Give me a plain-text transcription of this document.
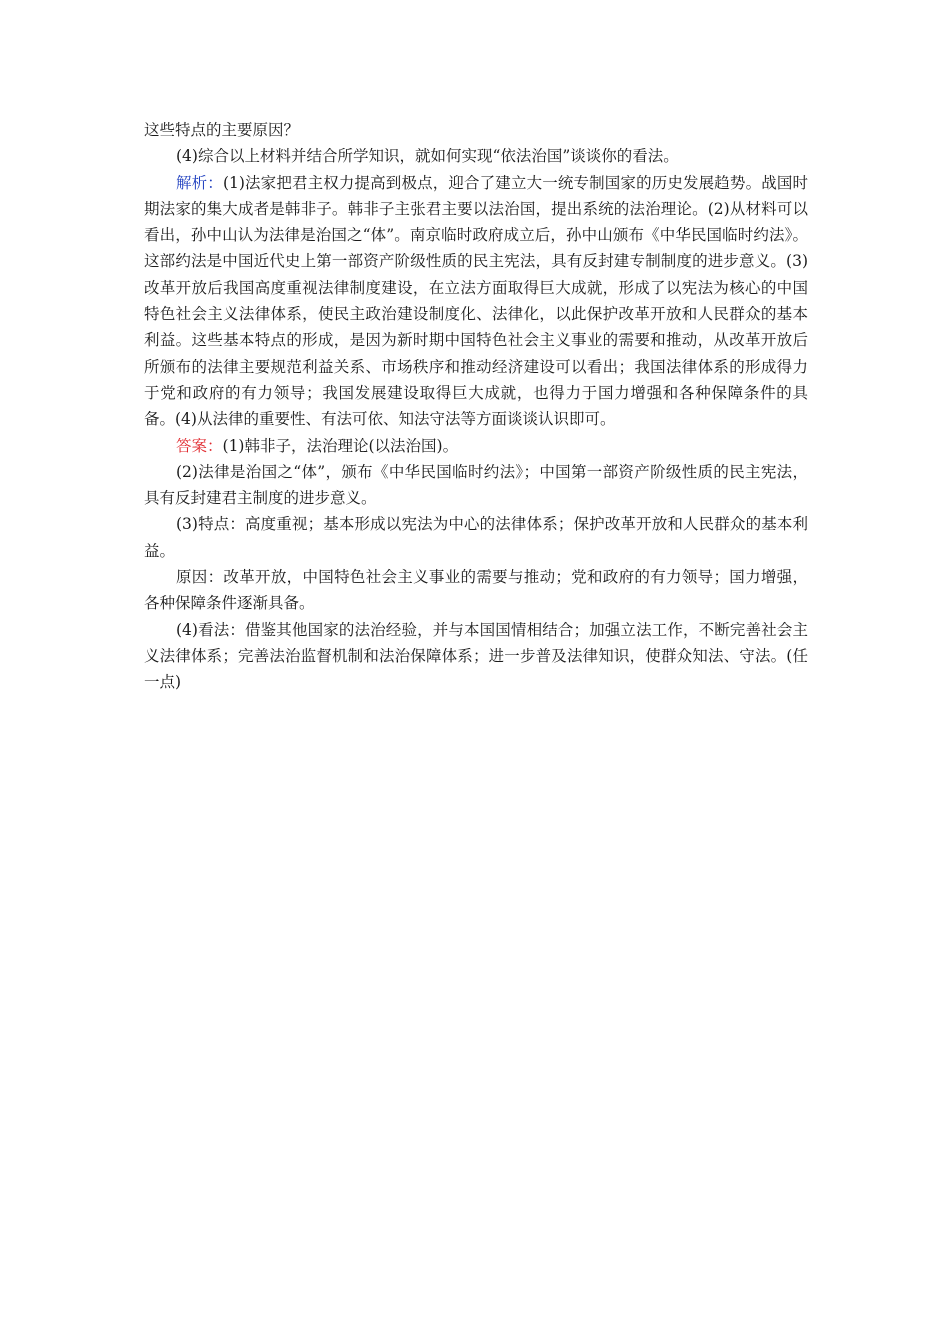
这些特点的主要原因？

(4)综合以上材料并结合所学知识，就如何实现“依法治国”谈谈你的看法。

解析：(1)法家把君主权力提高到极点，迎合了建立大一统专制国家的历史发展趋势。战国时期法家的集大成者是韩非子。韩非子主张君主要以法治国，提出系统的法治理论。(2)从材料可以看出，孙中山认为法律是治国之“体”。南京临时政府成立后，孙中山颁布《中华民国临时约法》。这部约法是中国近代史上第一部资产阶级性质的民主宪法，具有反封建专制制度的进步意义。(3)改革开放后我国高度重视法律制度建设，在立法方面取得巨大成就，形成了以宪法为核心的中国特色社会主义法律体系，使民主政治建设制度化、法律化，以此保护改革开放和人民群众的基本利益。这些基本特点的形成，是因为新时期中国特色社会主义事业的需要和推动，从改革开放后所颁布的法律主要规范利益关系、市场秩序和推动经济建设可以看出；我国法律体系的形成得力于党和政府的有力领导；我国发展建设取得巨大成就，也得力于国力增强和各种保障条件的具备。(4)从法律的重要性、有法可依、知法守法等方面谈谈认识即可。

答案：(1)韩非子，法治理论(以法治国)。

(2)法律是治国之“体”，颁布《中华民国临时约法》；中国第一部资产阶级性质的民主宪法，具有反封建君主制度的进步意义。

(3)特点：高度重视；基本形成以宪法为中心的法律体系；保护改革开放和人民群众的基本利益。

原因：改革开放，中国特色社会主义事业的需要与推动；党和政府的有力领导；国力增强，各种保障条件逐渐具备。

(4)看法：借鉴其他国家的法治经验，并与本国国情相结合；加强立法工作，不断完善社会主义法律体系；完善法治监督机制和法治保障体系；进一步普及法律知识，使群众知法、守法。(任一点)
